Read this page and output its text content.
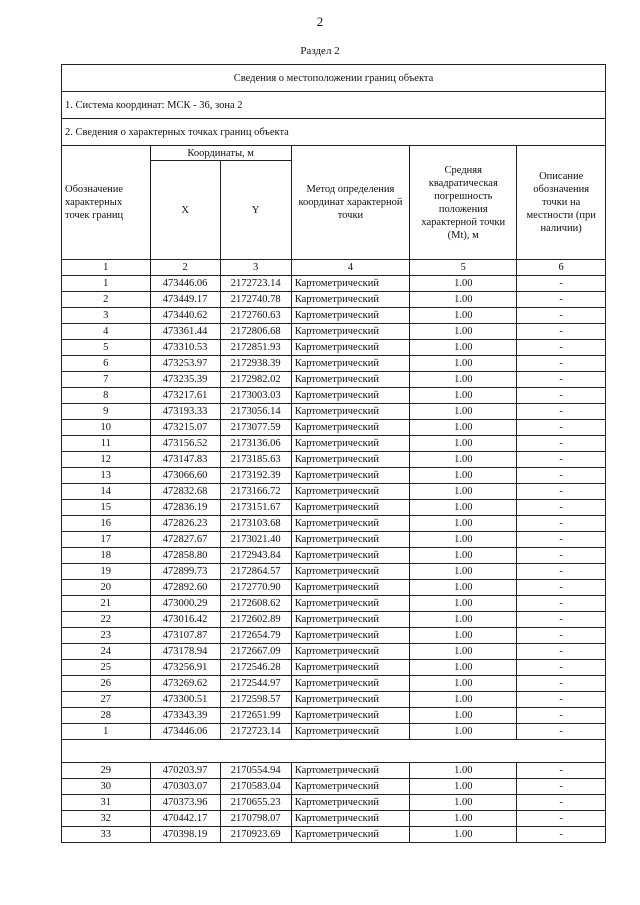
2
Раздел 2
Сведения о местоположении границ объекта					
1. Система координат: МСК - 36, зона 2					
2. Сведения о характерных точках границ объекта					
Обозначение характерных точек границ	Координаты, м		Метод определения координат характерной точки	Средняя квадратическая погрешность положения характерной точки (Mt), м	Описание обозначения точки на местности (при наличии)
	X	Y			
1	2	3	4	5	6
1	473446.06	2172723.14	Картометрический	1.00	-
2	473449.17	2172740.78	Картометрический	1.00	-
3	473440.62	2172760.63	Картометрический	1.00	-
4	473361.44	2172806.68	Картометрический	1.00	-
5	473310.53	2172851.93	Картометрический	1.00	-
6	473253.97	2172938.39	Картометрический	1.00	-
7	473235.39	2172982.02	Картометрический	1.00	-
8	473217.61	2173003.03	Картометрический	1.00	-
9	473193.33	2173056.14	Картометрический	1.00	-
10	473215.07	2173077.59	Картометрический	1.00	-
11	473156.52	2173136.06	Картометрический	1.00	-
12	473147.83	2173185.63	Картометрический	1.00	-
13	473066.60	2173192.39	Картометрический	1.00	-
14	472832.68	2173166.72	Картометрический	1.00	-
15	472836.19	2173151.67	Картометрический	1.00	-
16	472826.23	2173103.68	Картометрический	1.00	-
17	472827.67	2173021.40	Картометрический	1.00	-
18	472858.80	2172943.84	Картометрический	1.00	-
19	472899.73	2172864.57	Картометрический	1.00	-
20	472892.60	2172770.90	Картометрический	1.00	-
21	473000.29	2172608.62	Картометрический	1.00	-
22	473016.42	2172602.89	Картометрический	1.00	-
23	473107.87	2172654.79	Картометрический	1.00	-
24	473178.94	2172667.09	Картометрический	1.00	-
25	473256.91	2172546.28	Картометрический	1.00	-
26	473269.62	2172544.97	Картометрический	1.00	-
27	473300.51	2172598.57	Картометрический	1.00	-
28	473343.39	2172651.99	Картометрический	1.00	-
1	473446.06	2172723.14	Картометрический	1.00	-

29	470203.97	2170554.94	Картометрический	1.00	-
30	470303.07	2170583.04	Картометрический	1.00	-
31	470373.96	2170655.23	Картометрический	1.00	-
32	470442.17	2170798.07	Картометрический	1.00	-
33	470398.19	2170923.69	Картометрический	1.00	-
